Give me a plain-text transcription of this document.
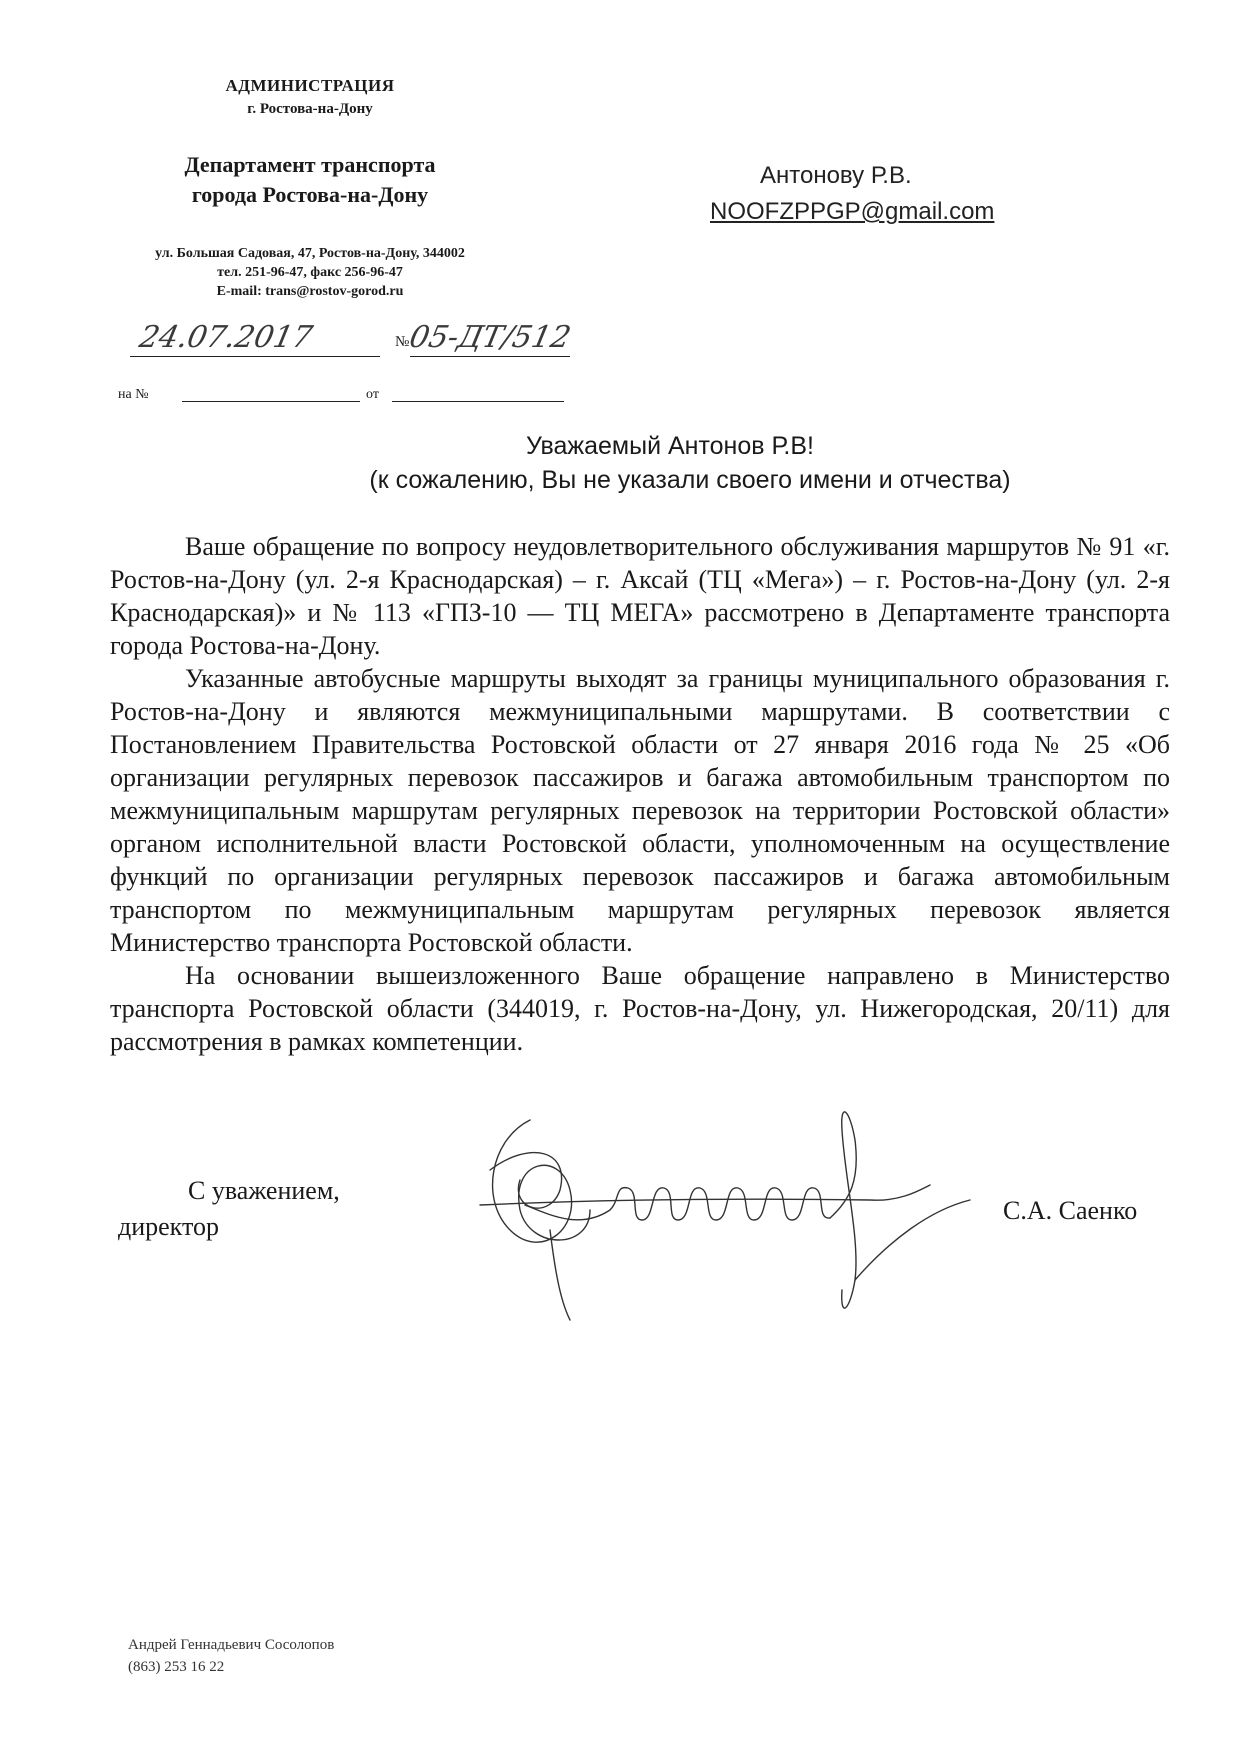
АДМИНИСТРАЦИЯ
г. Ростова-на-Дону
Департамент транспорта
города Ростова-на-Дону
ул. Большая Садовая, 47, Ростов-на-Дону, 344002
тел. 251-96-47, факс 256-96-47
E-mail: trans@rostov-gorod.ru
24.07.2017	№
05-ДТ/512
на №	от
Антонову Р.В.
NOOFZPPGP@gmail.com
Уважаемый Антонов Р.В!
(к сожалению, Вы не указали своего имени и отчества)

Ваше обращение по вопросу неудовлетворительного обслуживания маршрутов № 91 «г. Ростов-на-Дону (ул. 2-я Краснодарская) – г. Аксай (ТЦ «Мега») – г. Ростов-на-Дону (ул. 2-я Краснодарская)» и № 113 «ГПЗ-10 — ТЦ МЕГА» рассмотрено в Департаменте транспорта города Ростова-на-Дону.

Указанные автобусные маршруты выходят за границы муниципального образования г. Ростов-на-Дону и являются межмуниципальными маршрутами. В соответствии с Постановлением Правительства Ростовской области от 27 января 2016 года № 25 «Об организации регулярных перевозок пассажиров и багажа автомобильным транспортом по межмуниципальным маршрутам регулярных перевозок на территории Ростовской области» органом исполнительной власти Ростовской области, уполномоченным на осуществление функций по организации регулярных перевозок пассажиров и багажа автомобильным транспортом по межмуниципальным маршрутам регулярных перевозок является Министерство транспорта Ростовской области.

На основании вышеизложенного Ваше обращение направлено в Министерство транспорта Ростовской области (344019, г. Ростов-на-Дону, ул. Нижегородская, 20/11) для рассмотрения в рамках компетенции.

С уважением,
директор
С.А. Саенко
Андрей Геннадьевич Сосолопов
(863) 253 16 22
